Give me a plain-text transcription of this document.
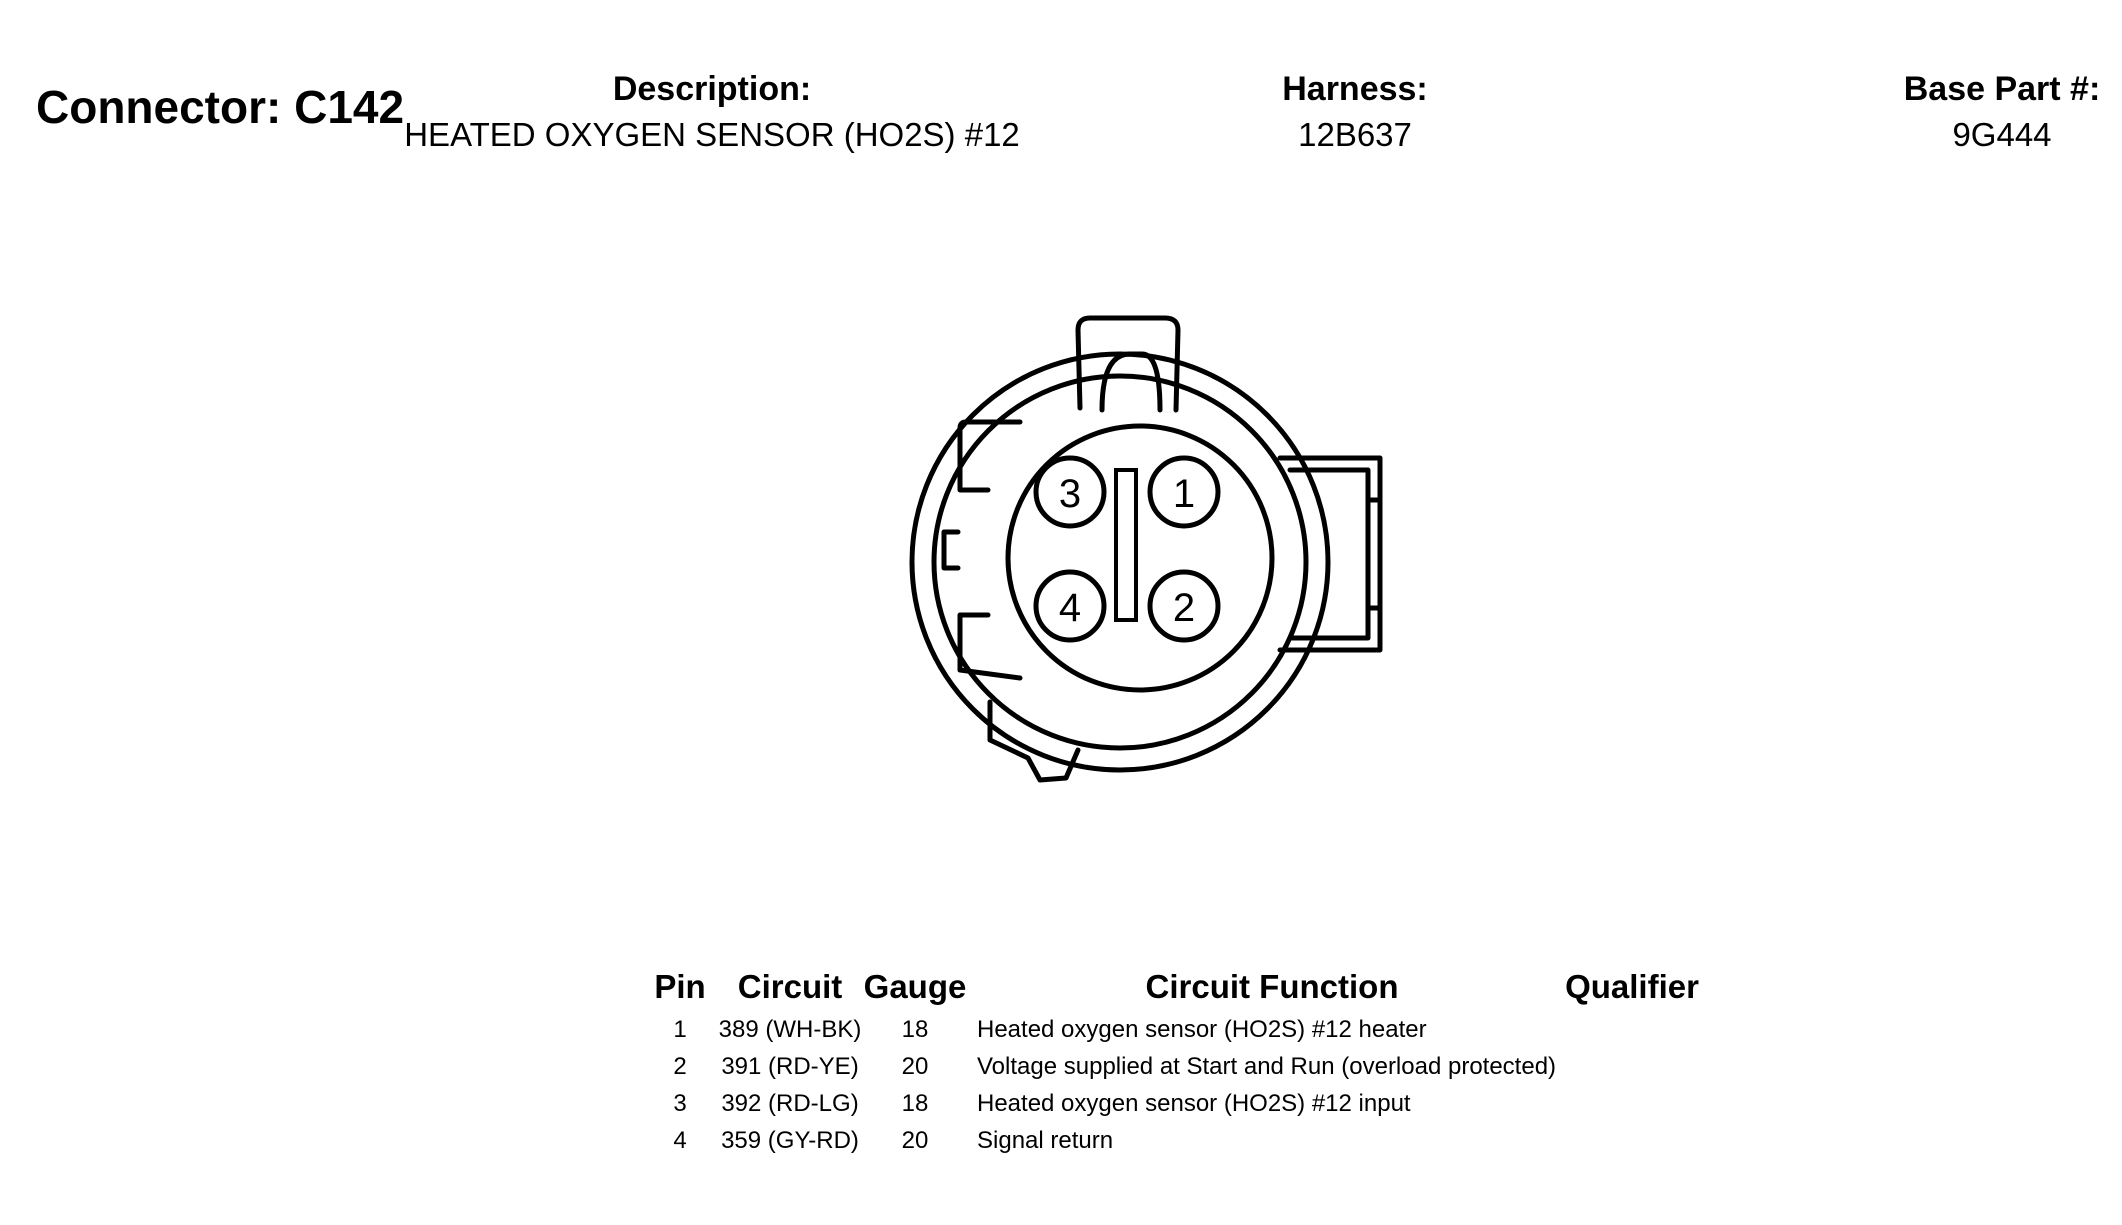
Connector: C142	Description:
HEATED OXYGEN SENSOR (HO2S) #12
Harness:
12B637
Base Part #:
9G444
3 1
4 2
Pin Circuit Gauge	Circuit Function	Qualifier
1 389 (WH-BK) 18 Heated oxygen sensor (HO2S) #12 heater
2 391 (RD-YE) 20 Voltage supplied at Start and Run (overload protected)
3 392 (RD-LG) 18 Heated oxygen sensor (HO2S) #12 input
4 359 (GY-RD) 20 Signal return
